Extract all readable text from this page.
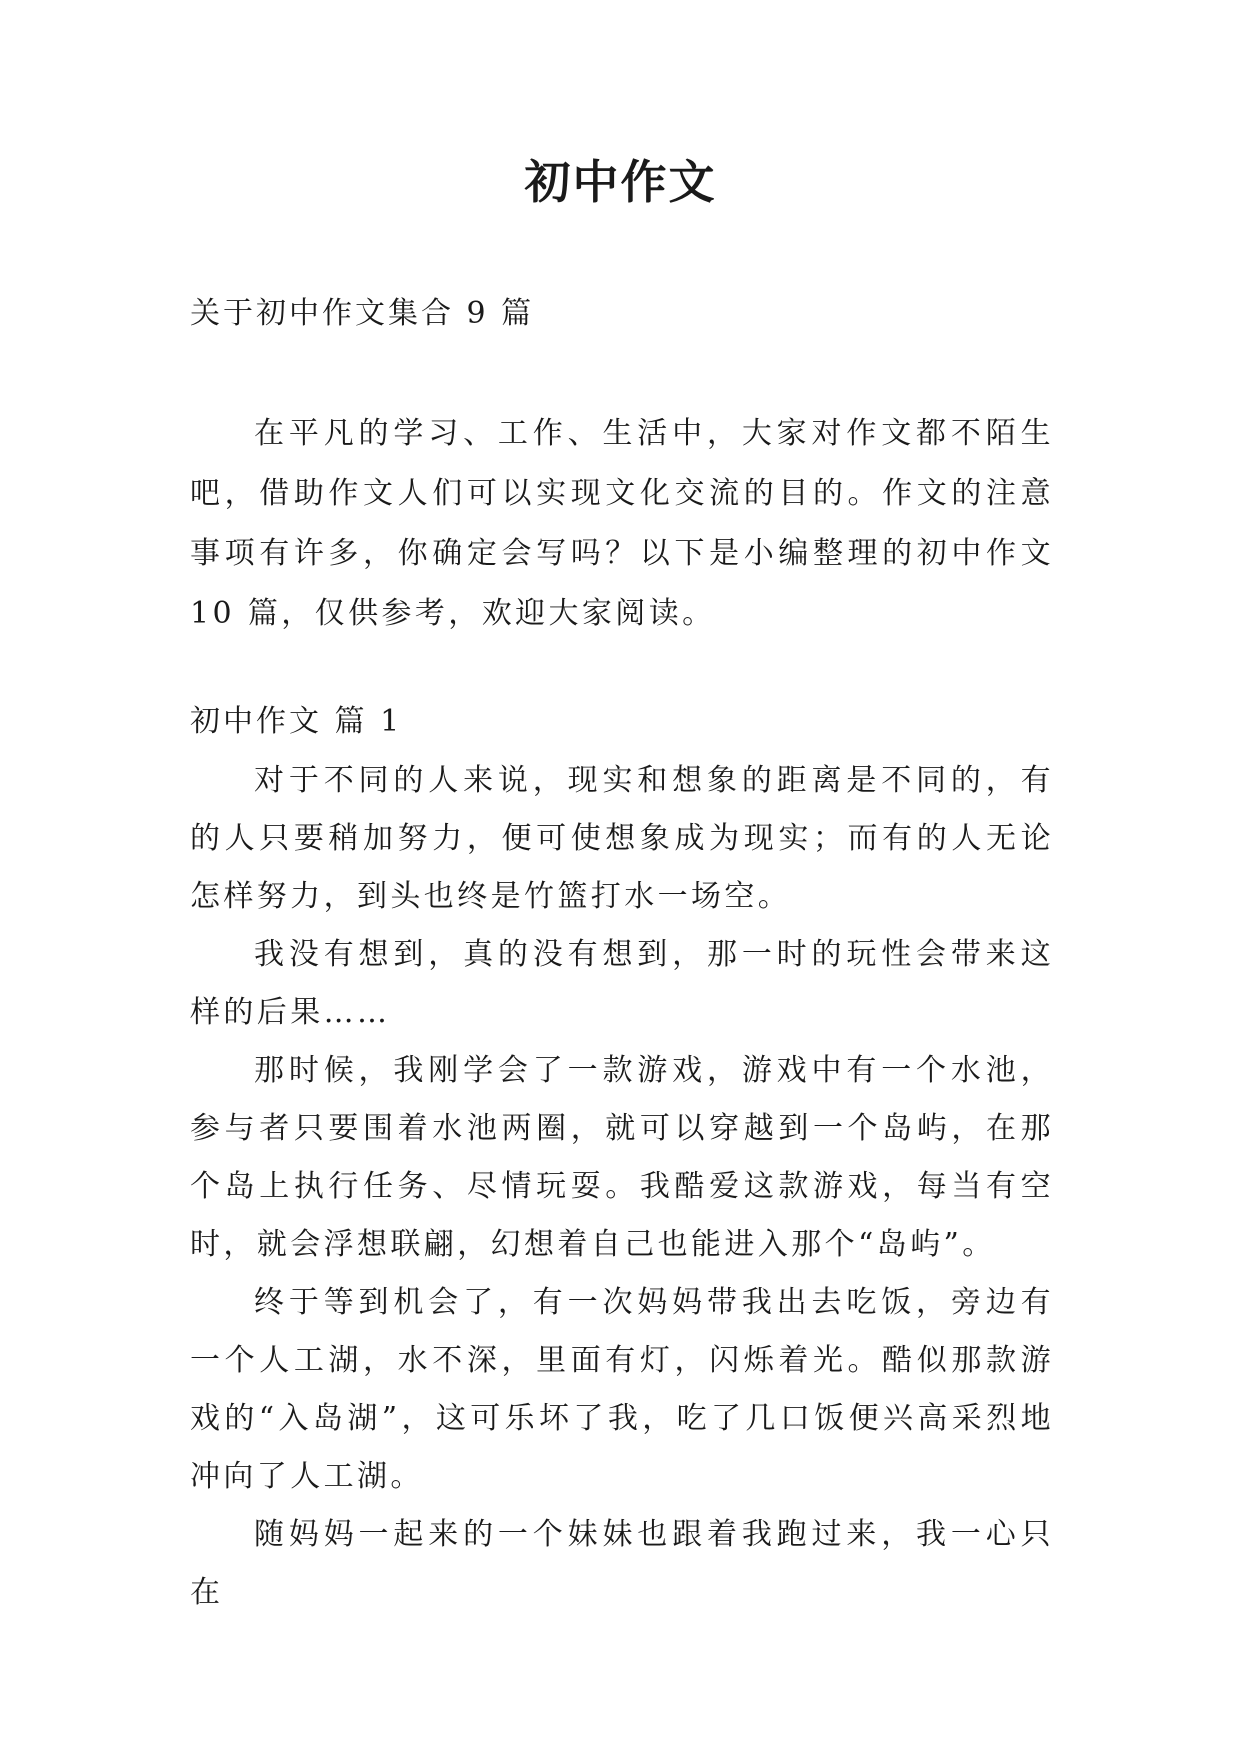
初中作文

关于初中作文集合 9 篇

在平凡的学习、工作、生活中，大家对作文都不陌生吧，借助作文人们可以实现文化交流的目的。作文的注意事项有许多，你确定会写吗？以下是小编整理的初中作文 10 篇，仅供参考，欢迎大家阅读。

初中作文 篇 1

对于不同的人来说，现实和想象的距离是不同的，有的人只要稍加努力，便可使想象成为现实；而有的人无论怎样努力，到头也终是竹篮打水一场空。

我没有想到，真的没有想到，那一时的玩性会带来这样的后果……

那时候，我刚学会了一款游戏，游戏中有一个水池，参与者只要围着水池两圈，就可以穿越到一个岛屿，在那个岛上执行任务、尽情玩耍。我酷爱这款游戏，每当有空时，就会浮想联翩，幻想着自己也能进入那个“岛屿”。

终于等到机会了，有一次妈妈带我出去吃饭，旁边有一个人工湖，水不深，里面有灯，闪烁着光。酷似那款游戏的“入岛湖”，这可乐坏了我，吃了几口饭便兴高采烈地冲向了人工湖。

随妈妈一起来的一个妹妹也跟着我跑过来，我一心只在
